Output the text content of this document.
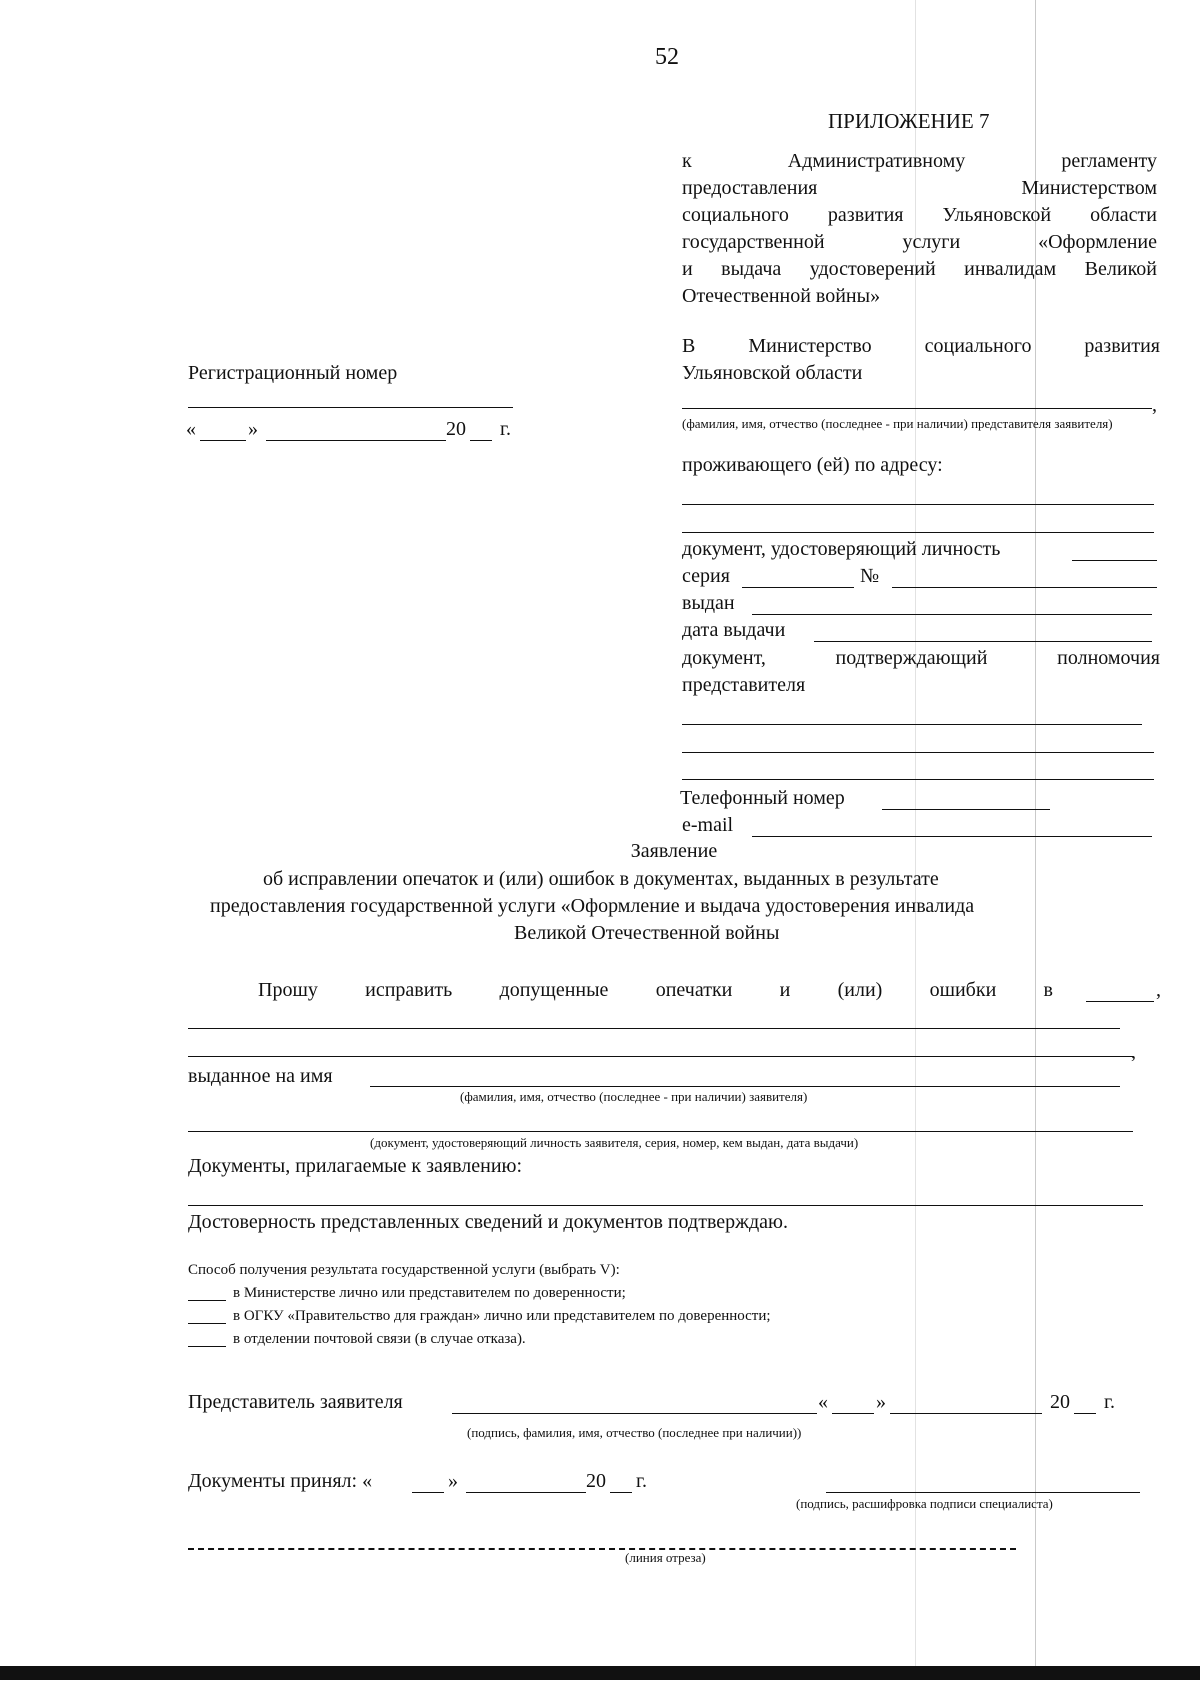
52
ПРИЛОЖЕНИЕ 7
к Административному регламенту
предоставления Министерством
социального развития Ульяновской области
государственной услуги «Оформление
и выдача удостоверений инвалидам Великой
Отечественной войны»
Регистрационный номер
«	»	20 г.
В Министерство социального развития
Ульяновской области
,
(фамилия, имя, отчество (последнее - при наличии) представителя заявителя)
проживающего (ей) по адресу:
документ, удостоверяющий личность
серия	№
выдан
дата выдачи
документ, подтверждающий полномочия
представителя
Телефонный номер
e-mail
Заявление
об исправлении опечаток и (или) ошибок в документах, выданных в результате
предоставления государственной услуги «Оформление и выдача удостоверения инвалида
Великой Отечественной войны
Прошу исправить допущенные опечатки и (или) ошибки в	,
,
выданное на имя
(фамилия, имя, отчество (последнее - при наличии) заявителя)
(документ, удостоверяющий личность заявителя, серия, номер, кем выдан, дата выдачи)
Документы, прилагаемые к заявлению:
Достоверность представленных сведений и документов подтверждаю.
Способ получения результата государственной услуги (выбрать V):
в Министерстве лично или представителем по доверенности;
в ОГКУ «Правительство для граждан» лично или представителем по доверенности;
в отделении почтовой связи (в случае отказа).
Представитель заявителя	« »	20 г.
(подпись, фамилия, имя, отчество (последнее при наличии))
Документы принял: «	»	20 г.
(подпись, расшифровка подписи специалиста)
(линия отреза)
